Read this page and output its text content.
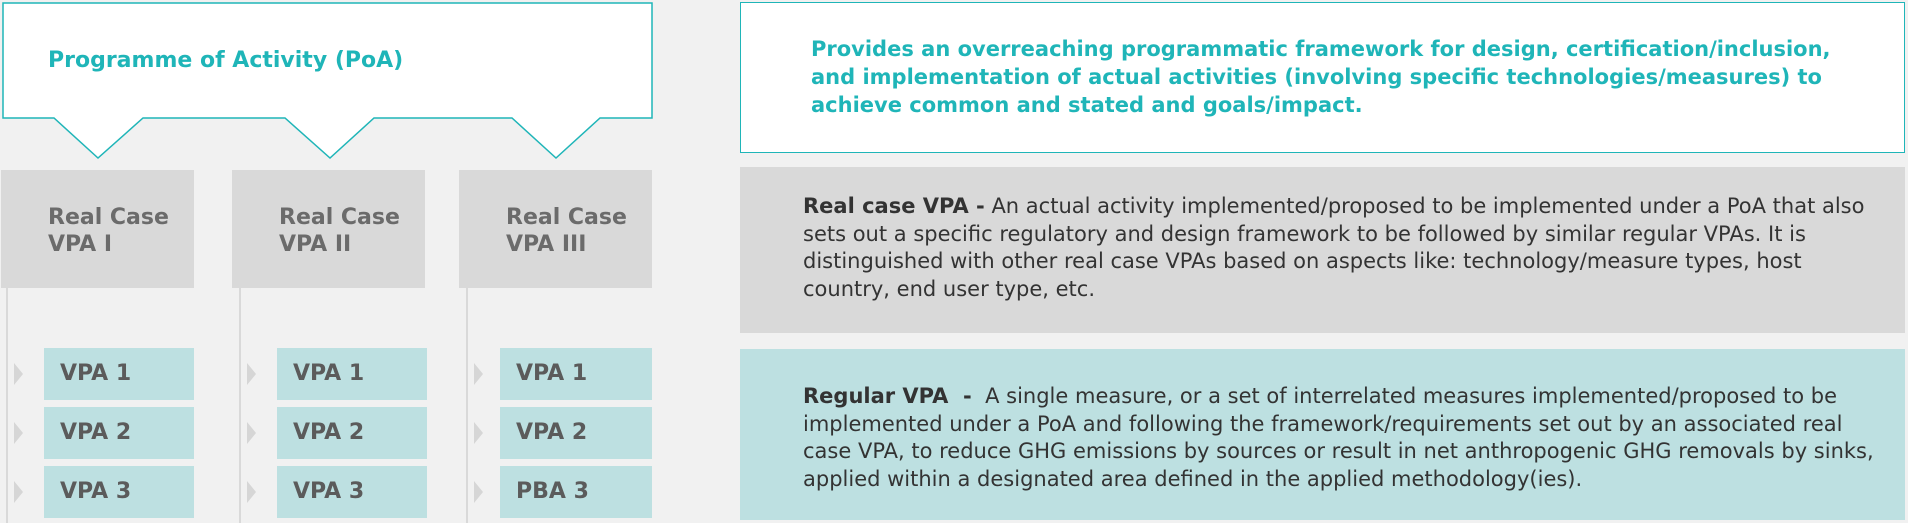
Programme of Activity (PoA)
Real Case
VPA I
VPA 1
VPA 2
VPA 3
Real Case
VPA II
VPA 1
VPA 2
VPA 3
Real Case
VPA III
VPA 1
VPA 2
PBA 3
Provides an overreaching programmatic framework for design, certification/inclusion, and implementation of actual activities (involving specific technologies/measures) to achieve common and stated and goals/impact.
Real case VPA - An actual activity implemented/proposed to be implemented under a PoA that also sets out a specific regulatory and design framework to be followed by similar regular VPAs. It is distinguished with other real case VPAs based on aspects like: technology/measure types, host country, end user type, etc.
Regular VPA  -  A single measure, or a set of interrelated measures implemented/proposed to be implemented under a PoA and following the framework/requirements set out by an associated real case VPA, to reduce GHG emissions by sources or result in net anthropogenic GHG removals by sinks, applied within a designated area defined in the applied methodology(ies).
